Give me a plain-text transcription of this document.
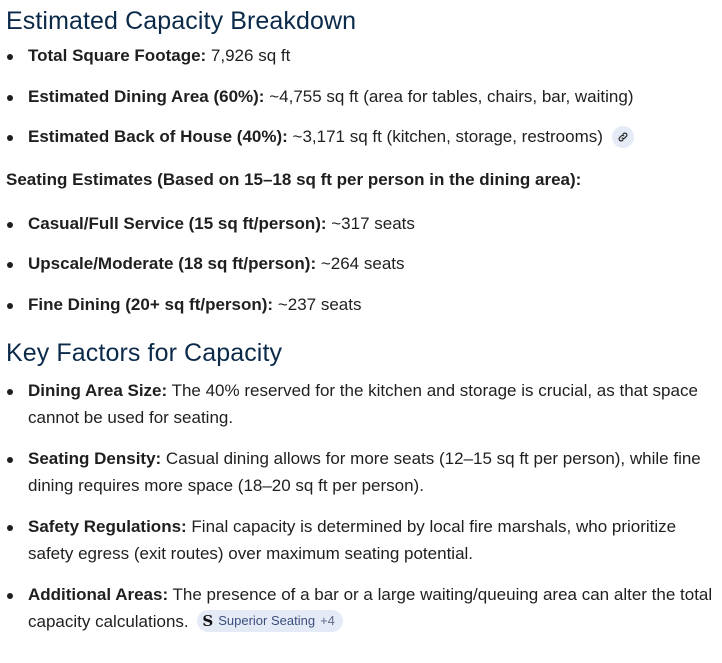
Estimated Capacity Breakdown
Total Square Footage: 7,926 sq ft
Estimated Dining Area (60%): ~4,755 sq ft (area for tables, chairs, bar, waiting)
Estimated Back of House (40%): ~3,171 sq ft (kitchen, storage, restrooms)
Seating Estimates (Based on 15–18 sq ft per person in the dining area):
Casual/Full Service (15 sq ft/person): ~317 seats
Upscale/Moderate (18 sq ft/person): ~264 seats
Fine Dining (20+ sq ft/person): ~237 seats
Key Factors for Capacity
Dining Area Size: The 40% reserved for the kitchen and storage is crucial, as that space cannot be used for seating.
Seating Density: Casual dining allows for more seats (12–15 sq ft per person), while fine dining requires more space (18–20 sq ft per person).
Safety Regulations: Final capacity is determined by local fire marshals, who prioritize safety egress (exit routes) over maximum seating potential.
Additional Areas: The presence of a bar or a large waiting/queuing area can alter the total capacity calculations. S Superior Seating +4
